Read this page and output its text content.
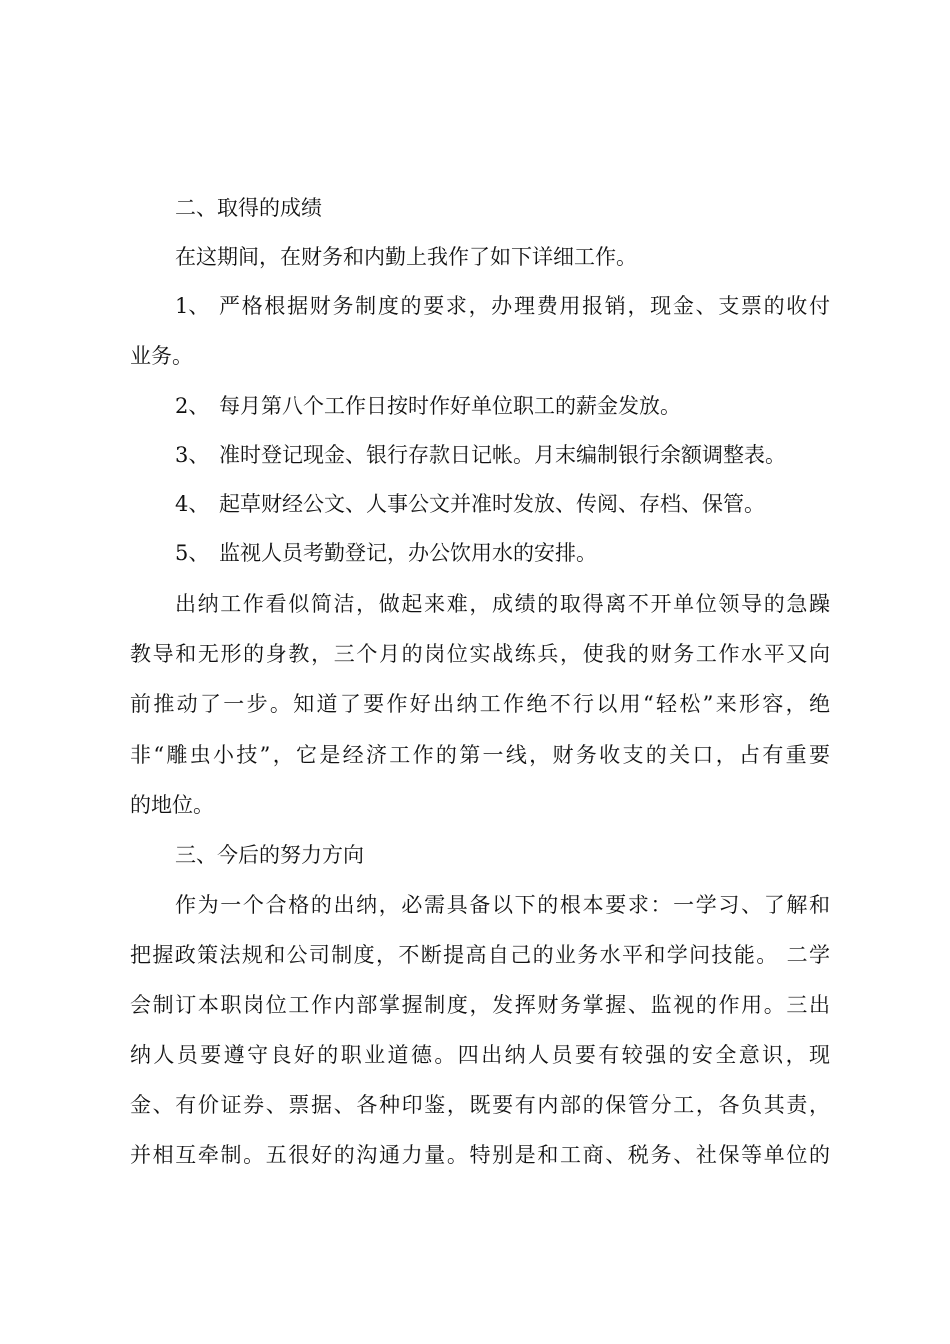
二、取得的成绩
在这期间，在财务和内勤上我作了如下详细工作。
1、 严格根据财务制度的要求，办理费用报销，现金、支票的收付
业务。
2、 每月第八个工作日按时作好单位职工的薪金发放。
3、 准时登记现金、银行存款日记帐。月末编制银行余额调整表。
4、 起草财经公文、人事公文并准时发放、传阅、存档、保管。
5、 监视人员考勤登记，办公饮用水的安排。
出纳工作看似简洁，做起来难，成绩的取得离不开单位领导的急躁
教导和无形的身教，三个月的岗位实战练兵，使我的财务工作水平又向
前推动了一步。知道了要作好出纳工作绝不行以用“轻松”来形容，绝
非“雕虫小技”，它是经济工作的第一线，财务收支的关口，占有重要
的地位。
三、今后的努力方向
作为一个合格的出纳，必需具备以下的根本要求：一学习、了解和
把握政策法规和公司制度，不断提高自己的业务水平和学问技能。 二学
会制订本职岗位工作内部掌握制度，发挥财务掌握、监视的作用。三出
纳人员要遵守良好的职业道德。四出纳人员要有较强的安全意识，现
金、有价证券、票据、各种印鉴，既要有内部的保管分工，各负其责，
并相互牵制。五很好的沟通力量。特别是和工商、税务、社保等单位的
